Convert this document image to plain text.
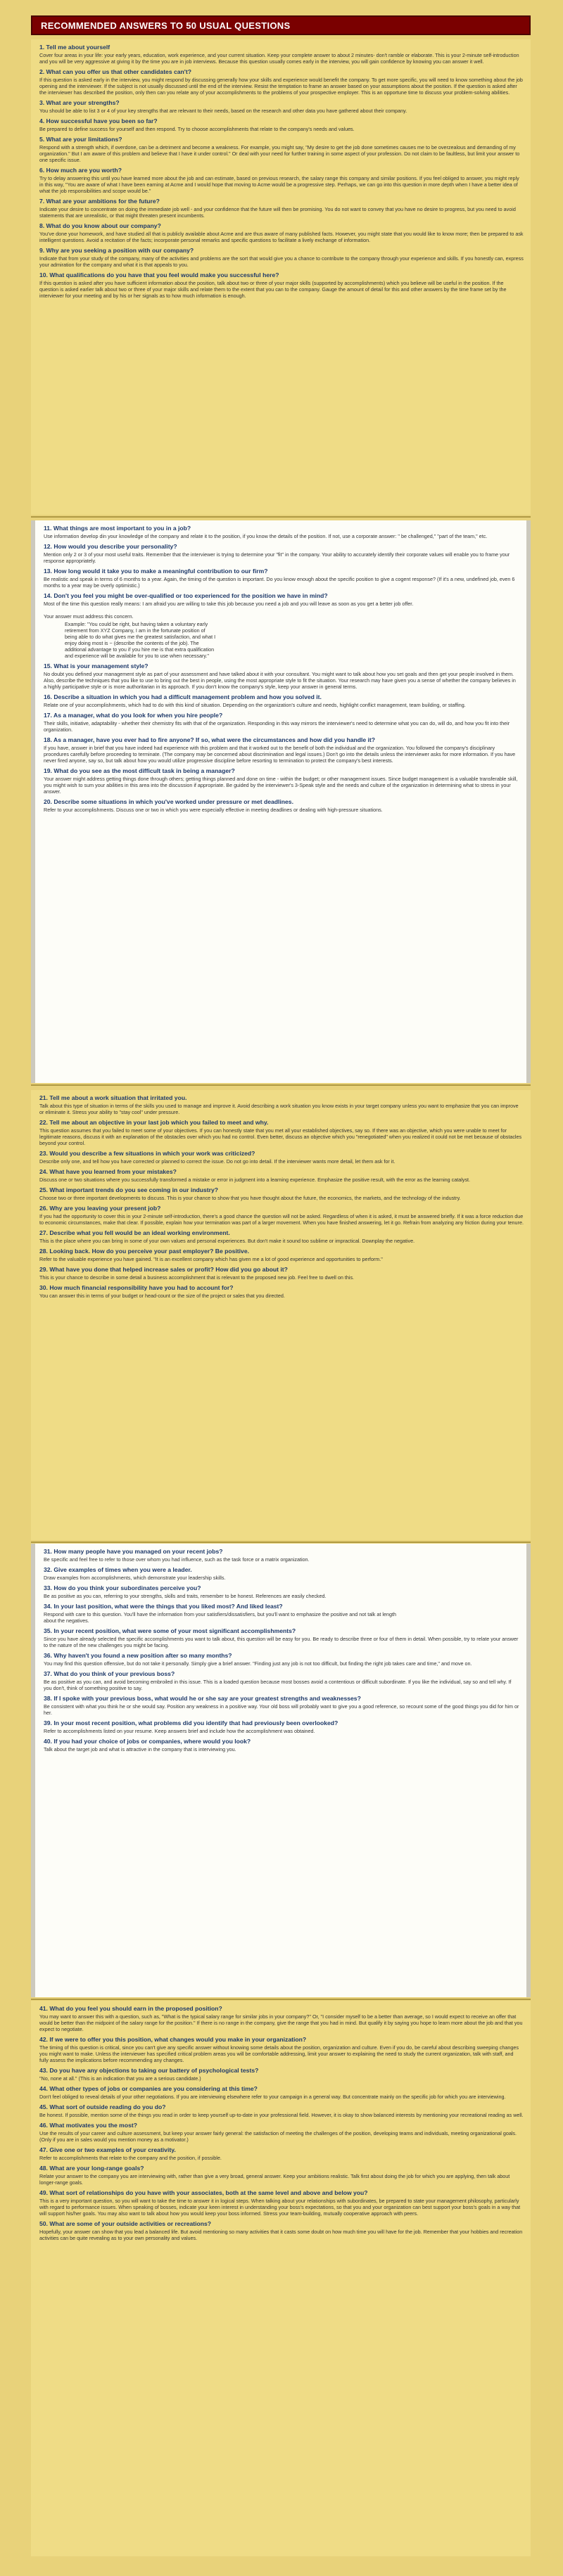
RECOMMENDED ANSWERS TO 50 USUAL QUESTIONS
1. Tell me about yourself

Cover four areas in your life: your early years, education, work experience, and your current situation. Keep your complete answer to about 2 minutes- don't ramble or elaborate. This is your 2-minute self-introduction and you will be very aggressive at giving it by the time you are in job interviews. Because this question usually comes early in the interview, you will gain confidence by knowing you can answer it well.

2. What can you offer us that other candidates can't?

If this question is asked early in the interview, you might respond by discussing generally how your skills and experience would benefit the company. To get more specific, you will need to know something about the job opening and the interviewer. If the subject is not usually discussed until the end of the interview. Resist the temptation to frame an answer based on your assumptions about the position. If the question is asked after the interviewer has described the position, only then can you relate any of your accomplishments to the problems of your prospective employer. This is an opportune time to discuss your problem-solving abilities.

3. What are your strengths?

You should be able to list 3 or 4 of your key strengths that are relevant to their needs, based on the research and other data you have gathered about their company.

4. How successful have you been so far?

Be prepared to define success for yourself and then respond. Try to choose accomplishments that relate to the company's needs and values.

5. What are your limitations?

Respond with a strength which, if overdone, can be a detriment and become a weakness. For example, you might say, "My desire to get the job done sometimes causes me to be overzealous and demanding of my organization." But I am aware of this problem and believe that I have it under control." Or deal with your need for further training in some aspect of your profession. Do not claim to be faultless, but limit your answer to one specific issue.

6. How much are you worth?

Try to delay answering this until you have learned more about the job and can estimate, based on previous research, the salary range this company and similar positions. If you feel obliged to answer, you might reply in this way, "You are aware of what I have been earning at Acme and I would hope that moving to Acme would be a progressive step. Perhaps, we can go into this question in more depth when I have a better idea of what the job responsibilities and scope would be."

7. What are your ambitions for the future?

Indicate your desire to concentrate on doing the immediate job well - and your confidence that the future will then be promising. You do not want to convey that you have no desire to progress, but you need to avoid statements that are unrealistic, or that might threaten present incumbents.

8. What do you know about our company?

You've done your homework, and have studied all that is publicly available about Acme and are thus aware of many published facts. However, you might state that you would like to know more; then be prepared to ask intelligent questions. Avoid a recitation of the facts; incorporate personal remarks and specific questions to facilitate a lively exchange of information.

9. Why are you seeking a position with our company?

Indicate that from your study of the company, many of the activities and problems are the sort that would give you a chance to contribute to the company through your experience and skills. If you honestly can, express your admiration for the company and what it is that appeals to you.

10. What qualifications do you have that you feel would make you successful here?

If this question is asked after you have sufficient information about the position, talk about two or three of your major skills (supported by accomplishments) which you believe will be useful in the position. If the question is asked earlier talk about two or three of your major skills and relate them to the extent that you can to the company. Gauge the amount of detail for this and other answers by the time frame set by the interviewer for your meeting and by his or her signals as to how much information is enough.

11. What things are most important to you in a job?

Use information develop din your knowledge of the company and relate it to the position, if you know the details of the position. If not, use a corporate answer: " be challenged," "part of the team," etc.

12. How would you describe your personality?

Mention only 2 or 3 of your most useful traits. Remember that the interviewer is trying to determine your "fit" in the company. Your ability to accurately identify their corporate values will enable you to frame your response appropriately.

13. How long would it take you to make a meaningful contribution to our firm?

Be realistic and speak in terms of 6 months to a year. Again, the timing of the question is important. Do you know enough about the specific position to give a cogent response? (If it's a new, undefined job, even 6 months to a year may be overly optimistic.)

14. Don't you feel you might be over-qualified or too experienced for the position we have in mind?

Most of the time this question really means: I am afraid you are willing to take this job because you need a job and you will leave as soon as you get a better job offer.

Your answer must address this concern.

Example: "You could be right, but having taken a voluntary early
retirement from XYZ Company, I am in the fortunate position of
being able to do what gives me the greatest satisfaction, and what I
enjoy doing most is ~ (describe the contents of the job). The
additional advantage to you if you hire me is that extra qualification
and experience will be available for you to use when necessary."

15. What is your management style?

No doubt you defined your management style as part of your assessment and have talked about it with your consultant. You might want to talk about how you set goals and then get your people involved in them. Also, describe the techniques that you like to use to bring out the best in people, using the most appropriate style to fit the situation. Your research may have given you a sense of whether the company believes in a highly participative style or is more authoritarian in its approach. If you don't know the company's style, keep your answer in general terms.

16. Describe a situation in which you had a difficult management problem and how you solved it.

Relate one of your accomplishments, which had to do with this kind of situation. Depending on the organization's culture and needs, highlight conflict management, team building, or staffing.

17. As a manager, what do you look for when you hire people?

Their skills, initiative, adaptability - whether their chemistry fits with that of the organization. Responding in this way mirrors the interviewer's need to determine what you can do, will do, and how you fit into their organization.

18. As a manager, have you ever had to fire anyone? If so, what were the circumstances and how did you handle it?

If you have, answer in brief that you have indeed had experience with this problem and that it worked out to the benefit of both the individual and the organization. You followed the company's disciplinary procedures carefully before proceeding to terminate. (The company may be concerned about discrimination and legal issues.) Don't go into the details unless the interviewer asks for more information. If you have never fired anyone, say so, but talk about how you would utilize progressive discipline before resorting to termination to protect the company's best interests.

19. What do you see as the most difficult task in being a manager?

Your answer might address getting things done through others; getting things planned and done on time - within the budget; or other management issues. Since budget management is a valuable transferable skill, you might wish to sum your abilities in this area into the discussion if appropriate. Be guided by the interviewer's 3-Speak style and the needs and culture of the organization in determining what to stress in your answer.

20. Describe some situations in which you've worked under pressure or met deadlines.

Refer to your accomplishments. Discuss one or two in which you were especially effective in meeting deadlines or dealing with high-pressure situations.

21. Tell me about a work situation that irritated you.

Talk about this type of situation in terms of the skills you used to manage and improve it. Avoid describing a work situation you know exists in your target company unless you want to emphasize that you can improve or eliminate it. Stress your ability to "stay cool" under pressure.

22. Tell me about an objective in your last job which you failed to meet and why.

This question assumes that you failed to meet some of your objectives. If you can honestly state that you met all your established objectives, say so. If there was an objective, which you were unable to meet for legitimate reasons, discuss it with an explanation of the obstacles over which you had no control. Even better, discuss an objective which you "renegotiated" when you realized it could not be met because of obstacles beyond your control.

23. Would you describe a few situations in which your work was criticized?

Describe only one, and tell how you have corrected or planned to correct the issue. Do not go into detail. If the interviewer wants more detail, let them ask for it.

24. What have you learned from your mistakes?

Discuss one or two situations where you successfully transformed a mistake or error in judgment into a learning experience. Emphasize the positive result, with the error as the learning catalyst.

25. What important trends do you see coming in our industry?

Choose two or three important developments to discuss. This is your chance to show that you have thought about the future, the economics, the markets, and the technology of the industry.

26. Why are you leaving your present job?

If you had the opportunity to cover this in your 2-minute self-introduction, there's a good chance the question will not be asked. Regardless of when it is asked, it must be answered briefly. If it was a force reduction due to economic circumstances, make that clear. If possible, explain how your termination was part of a larger movement. When you have finished answering, let it go. Refrain from analyzing any friction during your tenure.

27. Describe what you fell would be an ideal working environment.

This is the place where you can bring in some of your own values and personal experiences. But don't make it sound too sublime or impractical. Downplay the negative.

28. Looking back. How do you perceive your past employer? Be positive.

Refer to the valuable experience you have gained. "It is an excellent company which has given me a lot of good experience and opportunities to perform."

29. What have you done that helped increase sales or profit? How did you go about it?

This is your chance to describe in some detail a business accomplishment that is relevant to the proposed new job. Feel free to dwell on this.

30. How much financial responsibility have you had to account for?

You can answer this in terms of your budget or head-count or the size of the project or sales that you directed.

31. How many people have you managed on your recent jobs?

Be specific and feel free to refer to those over whom you had influence, such as the task force or a matrix organization.

32. Give examples of times when you were a leader.

Draw examples from accomplishments, which demonstrate your leadership skills.

33. How do you think your subordinates perceive you?

Be as positive as you can, referring to your strengths, skills and traits, remember to be honest. References are easily checked.

34. In your last position, what were the things that you liked most? And liked least?

Respond with care to this question. You'll have the information from your satisfiers/dissatisfiers, but you'll want to emphasize the positive and not talk at length
about the negatives.

35. In your recent position, what were some of your most significant accomplishments?

Since you have already selected the specific accomplishments you want to talk about, this question will be easy for you. Be ready to describe three or four of them in detail. When possible, try to relate your answer to the nature of the new challenges you might be facing.

36. Why haven't you found a new position after so many months?

You may find this question offensive, but do not take it personally. Simply give a brief answer. "Finding just any job is not too difficult, but finding the right job takes care and time," and move on.

37. What do you think of your previous boss?

Be as positive as you can, and avoid becoming embroiled in this issue. This is a loaded question because most bosses avoid a contentious or difficult subordinate. If you like the individual, say so and tell why. If you don't, think of something positive to say.

38. If I spoke with your previous boss, what would he or she say are your greatest strengths and weaknesses?

Be consistent with what you think he or she would say. Position any weakness in a positive way. Your old boss will probably want to give you a good reference, so recount some of the good things you did for him or her.

39. In your most recent position, what problems did you identify that had previously been overlooked?

Refer to accomplishments listed on your resume. Keep answers brief and include how the accomplishment was obtained.

40. If you had your choice of jobs or companies, where would you look?

Talk about the target job and what is attractive in the company that is interviewing you.

41. What do you feel you should earn in the proposed position?

You may want to answer this with a question, such as, "What is the typical salary range for similar jobs in your company?" Or, "I consider myself to be a better than average, so I would expect to receive an offer that would be better than the midpoint of the salary range for the position." If there is no range in the company, give the range that you had in mind. But qualify it by saying you hope to learn more about the job and that you expect to negotiate.

42. If we were to offer you this position, what changes would you make in your organization?

The timing of this question is critical, since you can't give any specific answer without knowing some details about the position, organization and culture. Even if you do, be careful about describing sweeping changes you might want to make. Unless the interviewer has specified critical problem areas you will be comfortable addressing, limit your answer to explaining the need to study the current organization, talk with staff, and fully assess the implications before recommending any changes.

43. Do you have any objections to taking our battery of psychological tests?

"No, none at all." (This is an indication that you are a serious candidate.)

44. What other types of jobs or companies are you considering at this time?

Don't feel obliged to reveal details of your other negotiations. If you are interviewing elsewhere refer to your campaign in a general way. But concentrate mainly on the specific job for which you are interviewing.

45. What sort of outside reading do you do?

Be honest. If possible, mention some of the things you read in order to keep yourself up-to-date in your professional field. However, it is okay to show balanced interests by mentioning your recreational reading as well.

46. What motivates you the most?

Use the results of your career and culture assessment, but keep your answer fairly general: the satisfaction of meeting the challenges of the position, developing teams and individuals, meeting organizational goals. (Only if you are in sales would you mention money as a motivator.)

47. Give one or two examples of your creativity.

Refer to accomplishments that relate to the company and the position, if possible.

48. What are your long-range goals?

Relate your answer to the company you are interviewing with, rather than give a very broad, general answer. Keep your ambitions realistic. Talk first about doing the job for which you are applying, then talk about longer-range goals.

49. What sort of relationships do you have with your associates, both at the same level and above and below you?

This is a very important question, so you will want to take the time to answer it in logical steps. When talking about your relationships with subordinates, be prepared to state your management philosophy, particularly with regard to performance issues. When speaking of bosses, indicate your keen interest in understanding your boss's expectations, so that you and your organization can best support your boss's goals in a way that will support his/her goals. You may also want to talk about how you would keep your boss informed. Stress your team-building, mutually cooperative approach with peers.

50. What are some of your outside activities or recreations?

Hopefully, your answer can show that you lead a balanced life. But avoid mentioning so many activities that it casts some doubt on how much time you will have for the job. Remember that your hobbies and recreation activities can be quite revealing as to your own personality and values.
